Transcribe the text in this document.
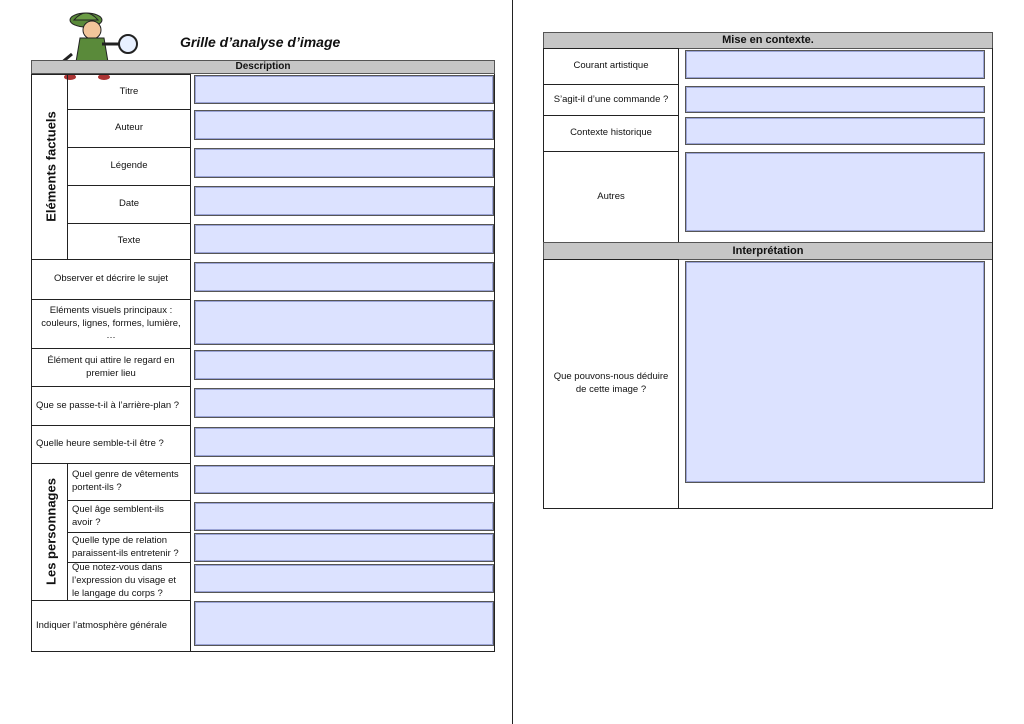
Grille d’analyse d’image
Description
Eléments factuels
Titre
Auteur
Légende
Date
Texte
Observer et décrire le sujet
Eléments visuels principaux : couleurs, lignes, formes, lumière, …
Élément qui attire le regard en premier lieu
Que se passe-t-il à l’arrière-plan ?
Quelle heure semble-t-il être ?
Les personnages
Quel genre de vêtements portent-ils ?
Quel âge semblent-ils avoir ?
Quelle type de relation paraissent-ils entretenir ?
Que notez-vous dans l’expression du visage et le langage du corps ?
Indiquer l’atmosphère générale
Mise en contexte.
Courant artistique
S’agit-il d’une commande ?
Contexte historique
Autres
Interprétation
Que pouvons-nous déduire de cette image ?
